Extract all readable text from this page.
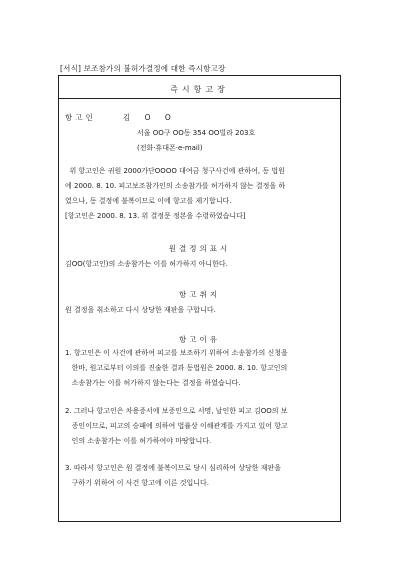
[서식] 보조참가의 불허가결정에 대한 즉시항고장
즉시항고장
항고인	김 O O
서울 OO구 OO동 354 OO빌라 203호
(전화·휴대폰·e-mail)
위 항고인은 귀원 2000가단OOOO 대여금 청구사건에 관하여, 동 법원
에 2000. 8. 10. 피고보조참가인의 소송참가를 허가하지 않는 결정을 하
였으나, 동 결정에 불복이므로 이에 항고를 제기합니다.
[항고인은 2000. 8. 13. 위 결정문 정본을 수령하였습니다]
원결정의표시
김OO(항고인)의 소송참가는 이를 허가하지 아니한다.
항고취지
원 결정을 취소하고 다시 상당한 재판을 구합니다.
항고이유
1. 항고인은 이 사건에 관하여 피고를 보조하기 위하여 소송참가의 신청을
한바, 원고로부터 이의를 진술한 결과 동법원은 2000. 8. 10. 항고인의
소송참가는 이를 허가하지 않는다는 결정을 하였습니다.
2. 그러나 항고인은 차용증서에 보증인으로 서명, 날인한 피고 김OO의 보
증인이므로, 피고의 승패에 의하여 법률상 이해관계를 가지고 있어 항고
인의 소송참가는 이를 허가하여야 마땅합니다.
3. 따라서 항고인은 원 결정에 불복이므로 당시 심리하여 상당한 재판을
구하기 위하여 이 사건 항고에 이른 것입니다.
